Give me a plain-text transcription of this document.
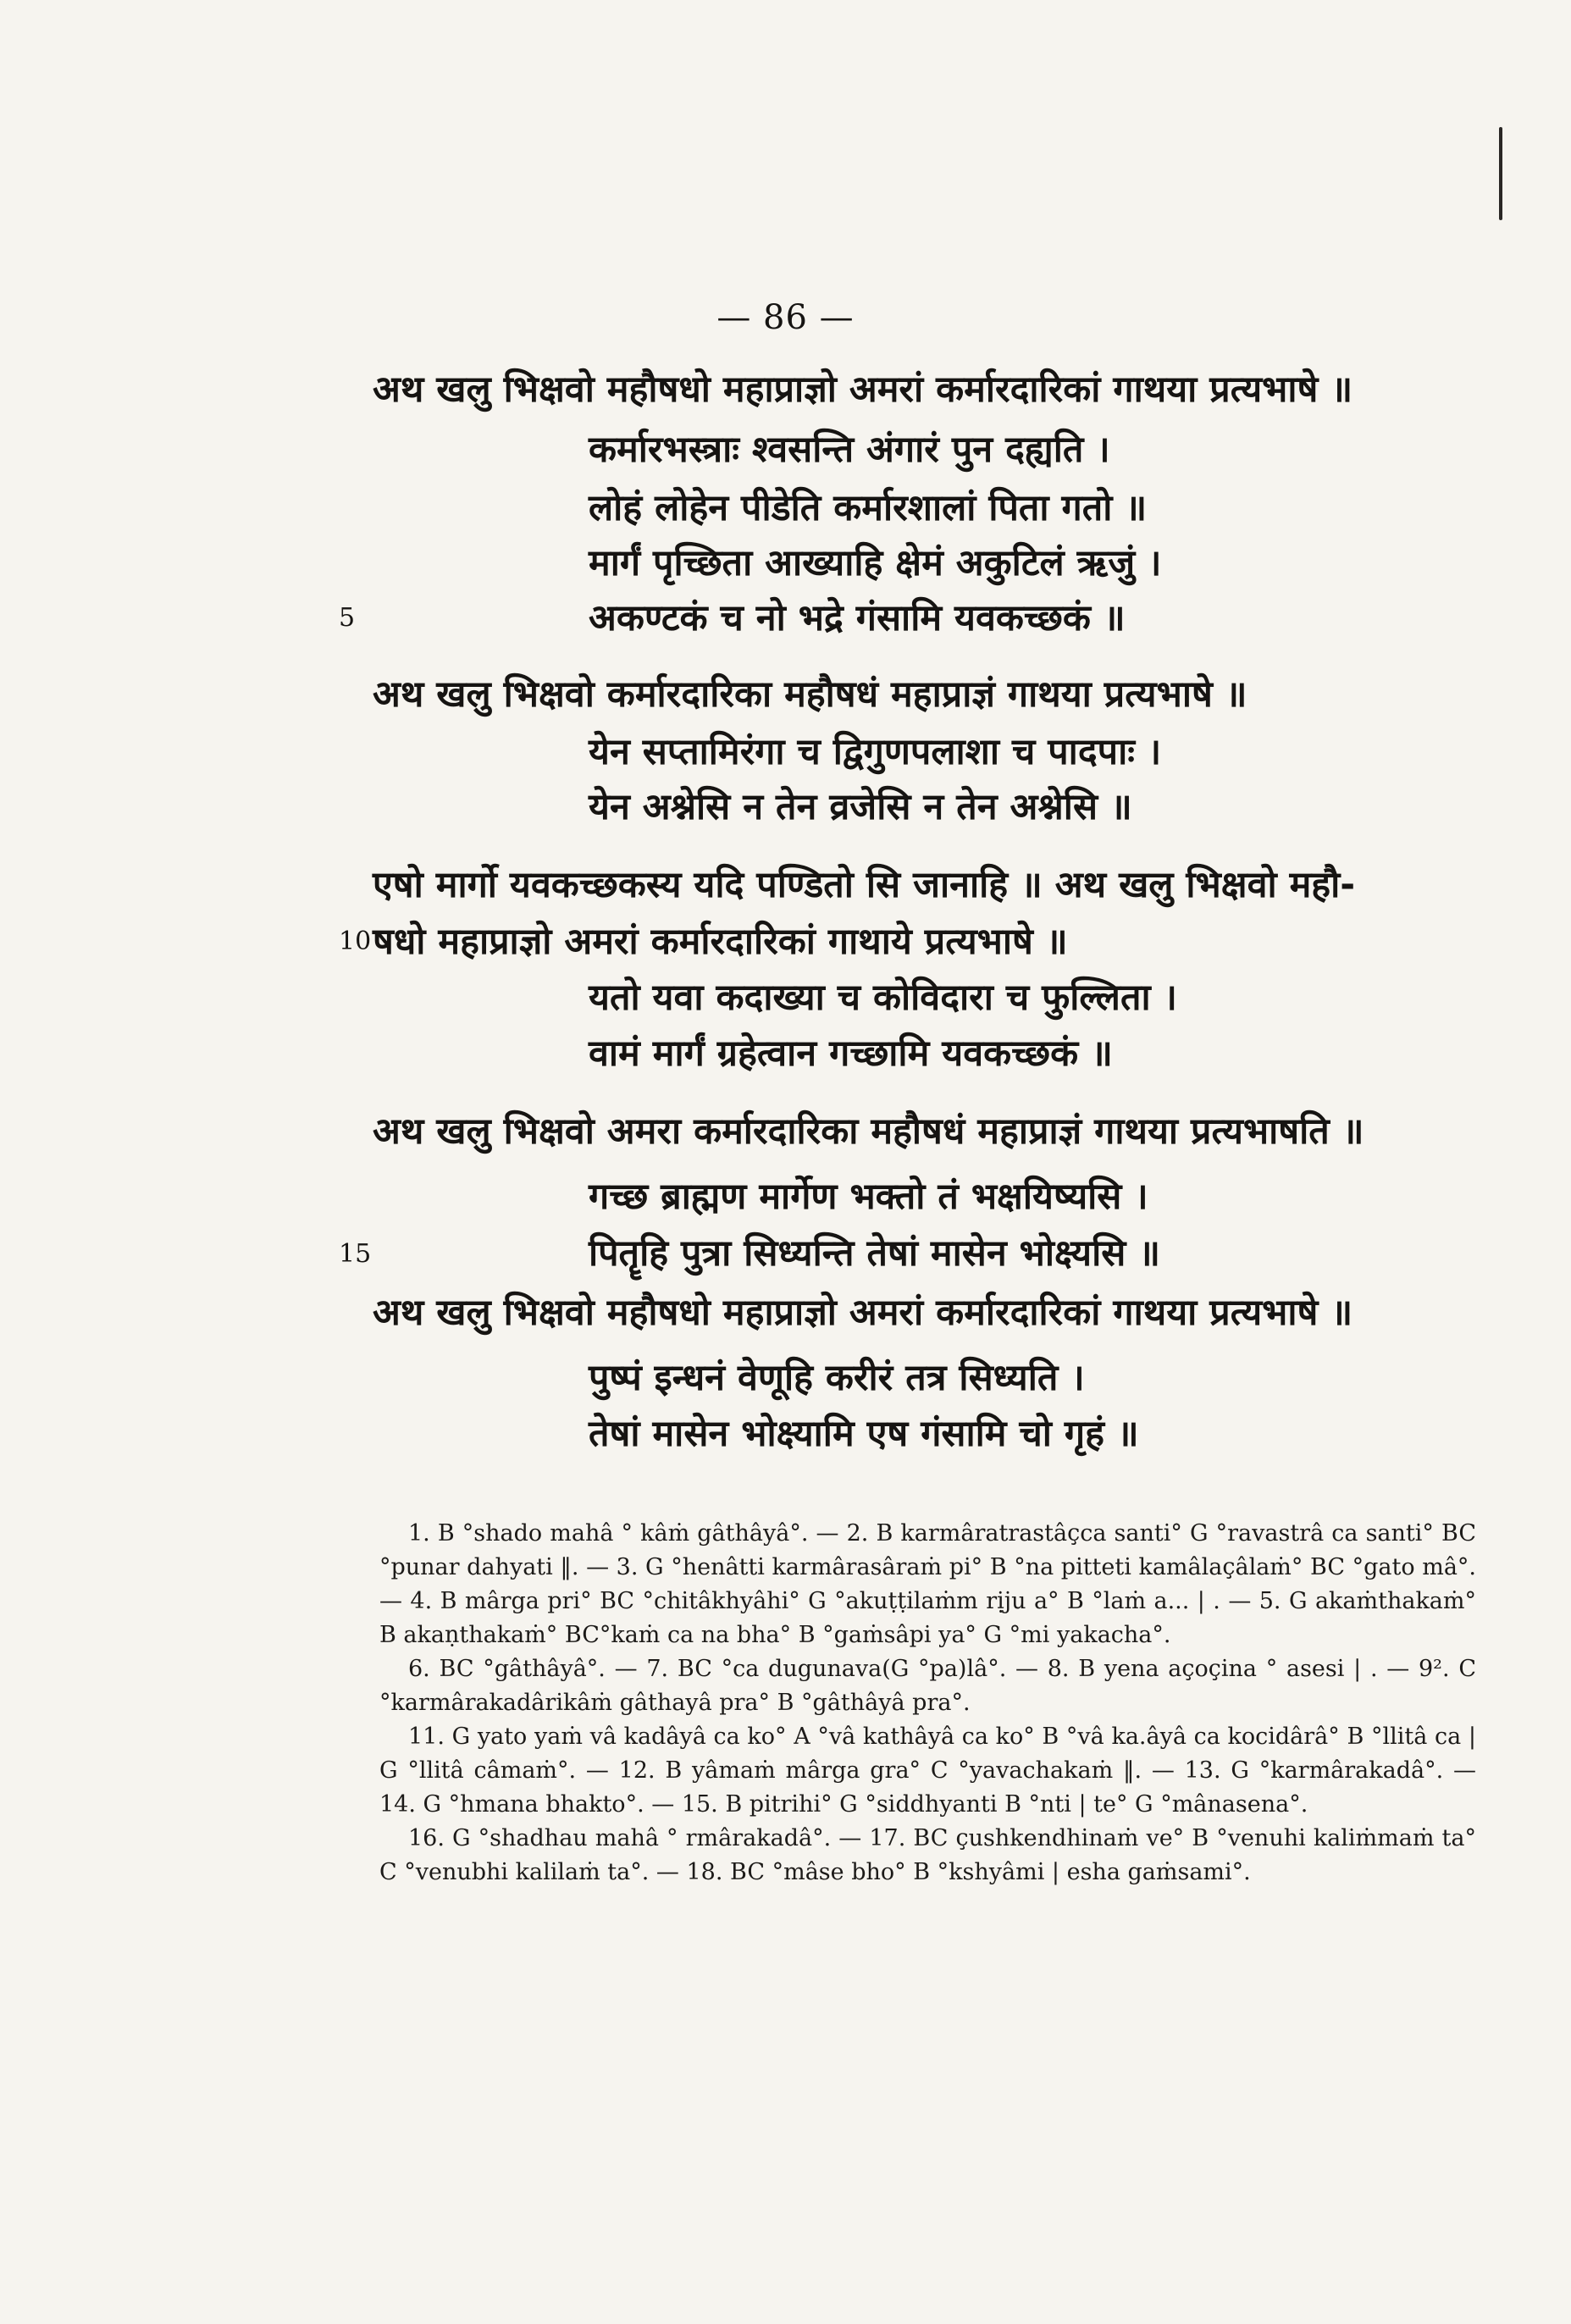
— 86 —
5
10
15
अथ खलु भिक्षवो महौषधो महाप्राज्ञो अमरां कर्मारदारिकां गाथया प्रत्यभाषे ॥
कर्मारभस्त्राः श्वसन्ति अंगारं पुन दह्यति ।
लोहं लोहेन पीडेति कर्मारशालां पिता गतो ॥
मार्गं पृच्छिता आख्याहि क्षेमं अकुटिलं ऋजुं ।
अकण्टकं च नो भद्रे गंसामि यवकच्छकं ॥
अथ खलु भिक्षवो कर्मारदारिका महौषधं महाप्राज्ञं गाथया प्रत्यभाषे ॥
येन सप्तामिरंगा च द्विगुणपलाशा च पादपाः ।
येन अश्नेसि न तेन व्रजेसि न तेन अश्नेसि ॥
एषो मार्गो यवकच्छकस्य यदि पण्डितो सि जानाहि ॥ अथ खलु भिक्षवो महौ-
षधो महाप्राज्ञो अमरां कर्मारदारिकां गाथाये प्रत्यभाषे ॥
यतो यवा कदाख्या च कोविदारा च फुल्लिता ।
वामं मार्गं ग्रहेत्वान गच्छामि यवकच्छकं ॥
अथ खलु भिक्षवो अमरा कर्मारदारिका महौषधं महाप्राज्ञं गाथया प्रत्यभाषति ॥
गच्छ ब्राह्मण मार्गेण भक्तो तं भक्षयिष्यसि ।
पितॄहि पुत्रा सिध्यन्ति तेषां मासेन भोक्ष्यसि ॥
अथ खलु भिक्षवो महौषधो महाप्राज्ञो अमरां कर्मारदारिकां गाथया प्रत्यभाषे ॥
पुष्पं इन्धनं वेणूहि करीरं तत्र सिध्यति ।
तेषां मासेन भोक्ष्यामि एष गंसामि चो गृहं ॥

1. B °shado mahâ ° kâṁ gâthâyâ°. — 2. B karmâratrastâçca santi° G °ravastrâ ca santi° BC °punar dahyati ‖. — 3. G °henâtti karmârasâraṁ pi° B °na pitteti kamâlaçâlaṁ° BC °gato mâ°. — 4. B mârga pri° BC °chitâkhyâhi° G °akuṭṭilaṁm rịju a° B °laṁ a... | . — 5. G akaṁthakaṁ° B akaṇthakaṁ° BC°kaṁ ca na bha° B °gaṁsâpi ya° G °mi yakacha°.

6. BC °gâthâyâ°. — 7. BC °ca dugunava(G °pa)lâ°. — 8. B yena açoçina ° asesi | . — 9². C °karmârakadârikâṁ gâthayâ pra° B °gâthâyâ pra°.

11. G yato yaṁ vâ kadâyâ ca ko° A °vâ kathâyâ ca ko° B °vâ ka.âyâ ca kocidârâ° B °llitâ ca | G °llitâ câmaṁ°. — 12. B yâmaṁ mârga gra° C °yavachakaṁ ‖. — 13. G °karmârakadâ°. — 14. G °hmana bhakto°. — 15. B pitrihi° G °siddhyanti B °nti | te° G °mânasena°.

16. G °shadhau mahâ ° rmârakadâ°. — 17. BC çushkendhinaṁ ve° B °venuhi kaliṁmaṁ ta° C °venubhi kalilaṁ ta°. — 18. BC °mâse bho° B °kshyâmi | esha gaṁsami°.
